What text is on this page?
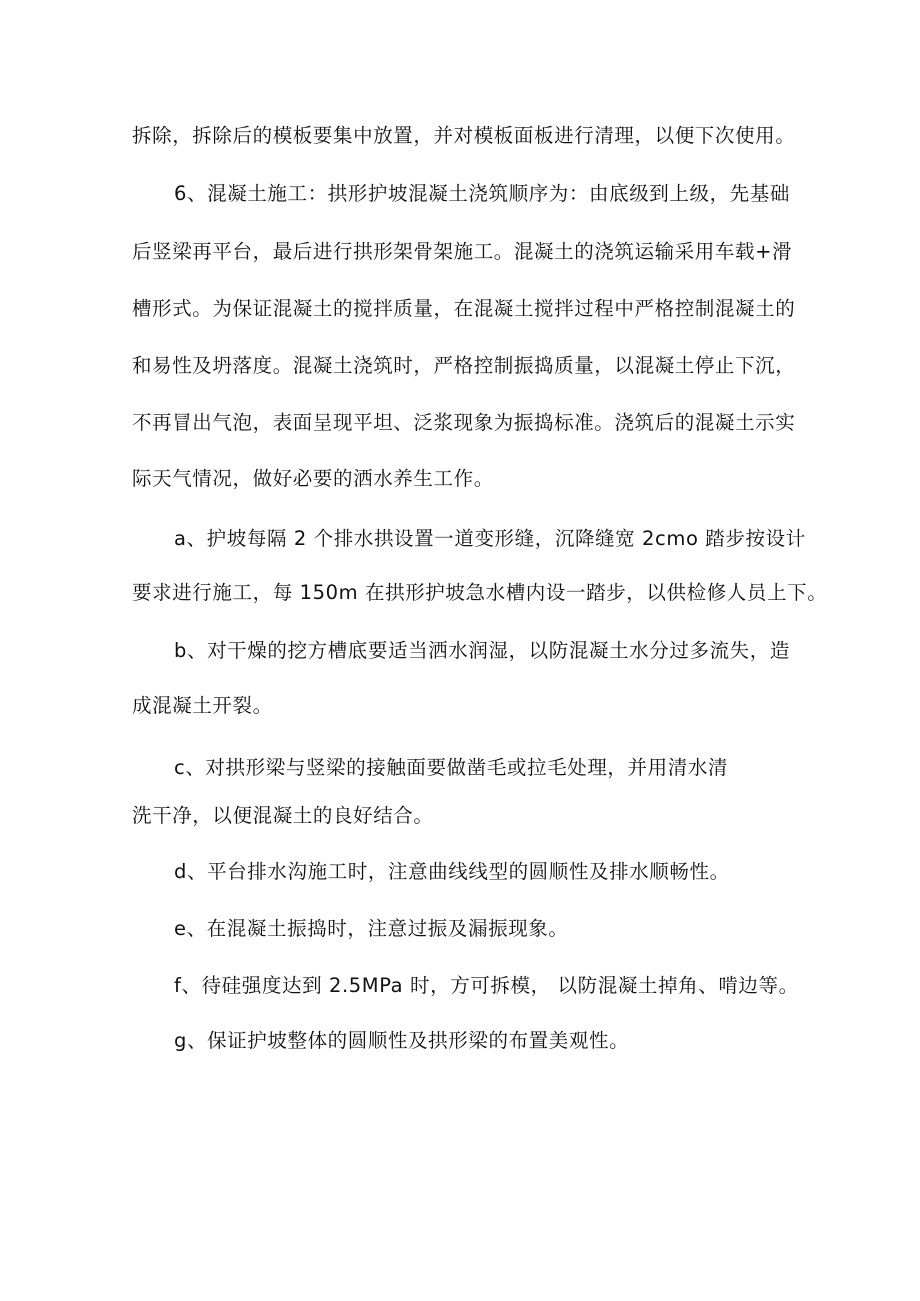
拆除，拆除后的模板要集中放置，并对模板面板进行清理，以便下次使用。
6、混凝土施工：拱形护坡混凝土浇筑顺序为：由底级到上级，先基础
后竖梁再平台，最后进行拱形架骨架施工。混凝土的浇筑运输采用车载+滑
槽形式。为保证混凝土的搅拌质量，在混凝土搅拌过程中严格控制混凝土的
和易性及坍落度。混凝土浇筑时，严格控制振捣质量，以混凝土停止下沉，
不再冒出气泡，表面呈现平坦、泛浆现象为振捣标准。浇筑后的混凝土示实
际天气情况，做好必要的洒水养生工作。
a、护坡每隔 2 个排水拱设置一道变形缝，沉降缝宽 2cmo 踏步按设计
要求进行施工，每 150m 在拱形护坡急水槽内设一踏步，以供检修人员上下。
b、对干燥的挖方槽底要适当洒水润湿，以防混凝土水分过多流失，造
成混凝土开裂。
c、对拱形梁与竖梁的接触面要做凿毛或拉毛处理，并用清水清
洗干净，以便混凝土的良好结合。
d、平台排水沟施工时，注意曲线线型的圆顺性及排水顺畅性。
e、在混凝土振捣时，注意过振及漏振现象。
f、待硅强度达到 2.5MPa 时，方可拆模， 以防混凝土掉角、啃边等。
g、保证护坡整体的圆顺性及拱形梁的布置美观性。
